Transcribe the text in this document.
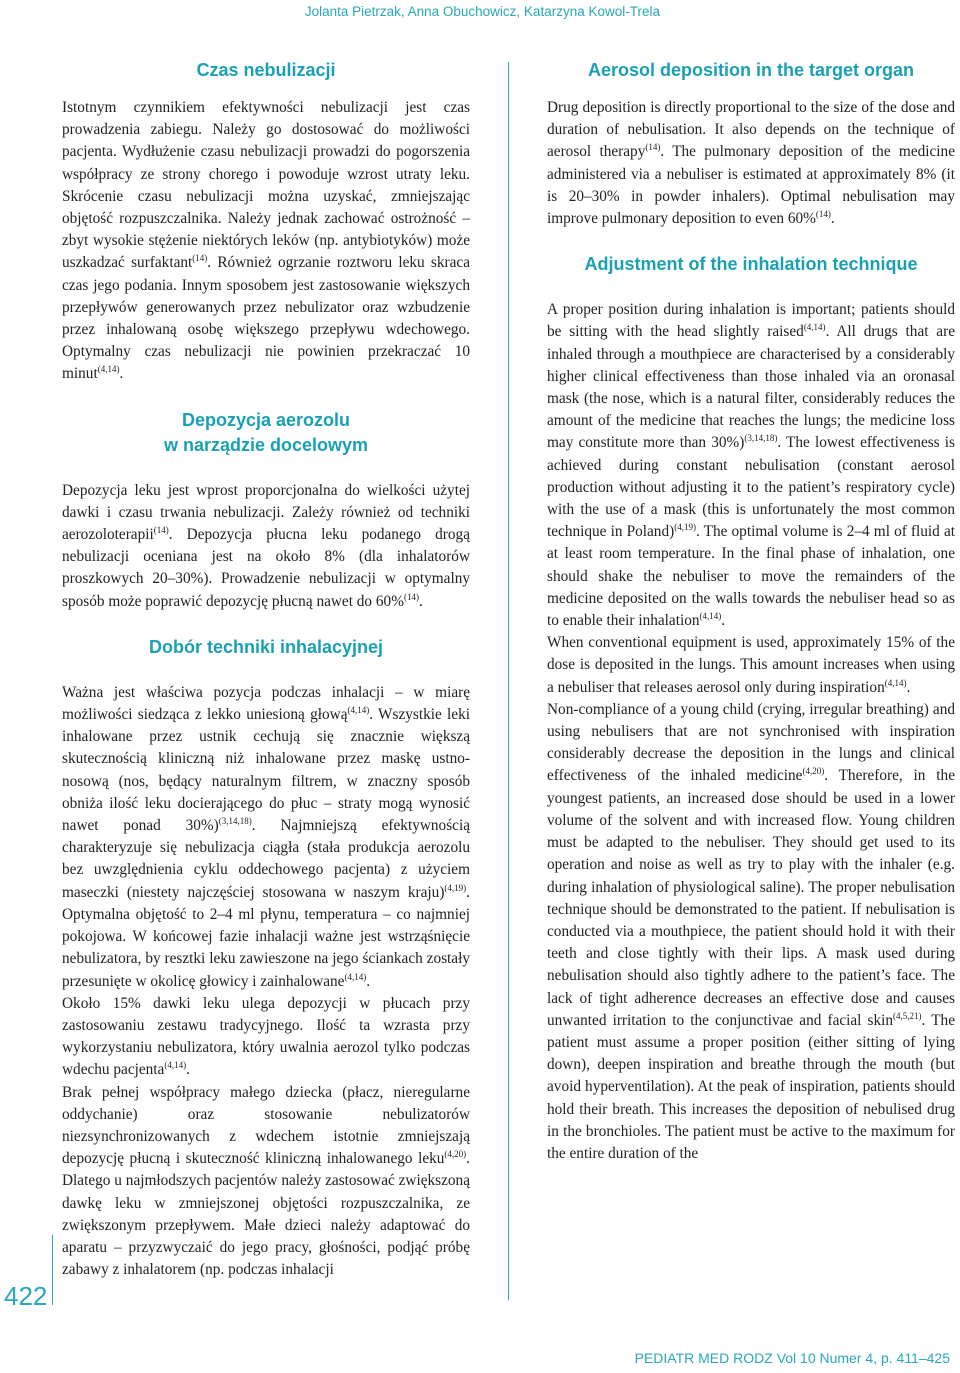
Jolanta Pietrzak, Anna Obuchowicz, Katarzyna Kowol-Trela
422
Czas nebulizacji

Istotnym czynnikiem efektywności nebulizacji jest czas prowadzenia zabiegu. Należy go dostosować do możliwości pacjenta. Wydłużenie czasu nebulizacji prowadzi do pogorszenia współpracy ze strony chorego i powoduje wzrost utraty leku. Skrócenie czasu nebulizacji można uzyskać, zmniejszając objętość rozpuszczalnika. Należy jednak zachować ostrożność – zbyt wysokie stężenie niektórych leków (np. antybiotyków) może uszkadzać surfaktant$^{(14)}$. Również ogrzanie roztworu leku skraca czas jego podania. Innym sposobem jest zastosowanie większych przepływów generowanych przez nebulizator oraz wzbudzenie przez inhalowaną osobę większego przepływu wdechowego. Optymalny czas nebulizacji nie powinien przekraczać 10 minut$^{(4,14)}$.

Depozycja aerozolu
w narządzie docelowym

Depozycja leku jest wprost proporcjonalna do wielkości użytej dawki i czasu trwania nebulizacji. Zależy również od techniki aerozoloterapii$^{(14)}$. Depozycja płucna leku podanego drogą nebulizacji oceniana jest na około 8% (dla inhalatorów proszkowych 20–30%). Prowadzenie nebulizacji w optymalny sposób może poprawić depozycję płucną nawet do 60%$^{(14)}$.

Dobór techniki inhalacyjnej

Ważna jest właściwa pozycja podczas inhalacji – w miarę możliwości siedząca z lekko uniesioną głową$^{(4,14)}$. Wszystkie leki inhalowane przez ustnik cechują się znacznie większą skutecznością kliniczną niż inhalowane przez maskę ustno-nosową (nos, będący naturalnym filtrem, w znaczny sposób obniża ilość leku docierającego do płuc – straty mogą wynosić nawet ponad 30%)$^{(3,14,18)}$. Najmniejszą efektywnością charakteryzuje się nebulizacja ciągła (stała produkcja aerozolu bez uwzględnienia cyklu oddechowego pacjenta) z użyciem maseczki (niestety najczęściej stosowana w naszym kraju)$^{(4,19)}$. Optymalna objętość to 2–4 ml płynu, temperatura – co najmniej pokojowa. W końcowej fazie inhalacji ważne jest wstrząśnięcie nebulizatora, by resztki leku zawieszone na jego ściankach zostały przesunięte w okolicę głowicy i zainhalowane$^{(4,14)}$.

Około 15% dawki leku ulega depozycji w płucach przy zastosowaniu zestawu tradycyjnego. Ilość ta wzrasta przy wykorzystaniu nebulizatora, który uwalnia aerozol tylko podczas wdechu pacjenta$^{(4,14)}$.

Brak pełnej współpracy małego dziecka (płacz, nieregularne oddychanie) oraz stosowanie nebulizatorów niezsynchronizowanych z wdechem istotnie zmniejszają depozycję płucną i skuteczność kliniczną inhalowanego leku$^{(4,20)}$. Dlatego u najmłodszych pacjentów należy zastosować zwiększoną dawkę leku w zmniejszonej objętości rozpuszczalnika, ze zwiększonym przepływem. Małe dzieci należy adaptować do aparatu – przyzwyczaić do jego pracy, głośności, podjąć próbę zabawy z inhalatorem (np. podczas inhalacji

Aerosol deposition in the target organ

Drug deposition is directly proportional to the size of the dose and duration of nebulisation. It also depends on the technique of aerosol therapy$^{(14)}$. The pulmonary deposition of the medicine administered via a nebuliser is estimated at approximately 8% (it is 20–30% in powder inhalers). Optimal nebulisation may improve pulmonary deposition to even 60%$^{(14)}$.

Adjustment of the inhalation technique

A proper position during inhalation is important; patients should be sitting with the head slightly raised$^{(4,14)}$. All drugs that are inhaled through a mouthpiece are characterised by a considerably higher clinical effectiveness than those inhaled via an oronasal mask (the nose, which is a natural filter, considerably reduces the amount of the medicine that reaches the lungs; the medicine loss may constitute more than 30%)$^{(3,14,18)}$. The lowest effectiveness is achieved during constant nebulisation (constant aerosol production without adjusting it to the patient’s respiratory cycle) with the use of a mask (this is unfortunately the most common technique in Poland)$^{(4,19)}$. The optimal volume is 2–4 ml of fluid at at least room temperature. In the final phase of inhalation, one should shake the nebuliser to move the remainders of the medicine deposited on the walls towards the nebuliser head so as to enable their inhalation$^{(4,14)}$.

When conventional equipment is used, approximately 15% of the dose is deposited in the lungs. This amount increases when using a nebuliser that releases aerosol only during inspiration$^{(4,14)}$.

Non-compliance of a young child (crying, irregular breathing) and using nebulisers that are not synchronised with inspiration considerably decrease the deposition in the lungs and clinical effectiveness of the inhaled medicine$^{(4,20)}$. Therefore, in the youngest patients, an increased dose should be used in a lower volume of the solvent and with increased flow. Young children must be adapted to the nebuliser. They should get used to its operation and noise as well as try to play with the inhaler (e.g. during inhalation of physiological saline). The proper nebulisation technique should be demonstrated to the patient. If nebulisation is conducted via a mouthpiece, the patient should hold it with their teeth and close tightly with their lips. A mask used during nebulisation should also tightly adhere to the patient’s face. The lack of tight adherence decreases an effective dose and causes unwanted irritation to the conjunctivae and facial skin$^{(4,5,21)}$. The patient must assume a proper position (either sitting of lying down), deepen inspiration and breathe through the mouth (but avoid hyperventilation). At the peak of inspiration, patients should hold their breath. This increases the deposition of nebulised drug in the bronchioles. The patient must be active to the maximum for the entire duration of the

PEDIATR MED RODZ Vol 10 Numer 4, p. 411–425
